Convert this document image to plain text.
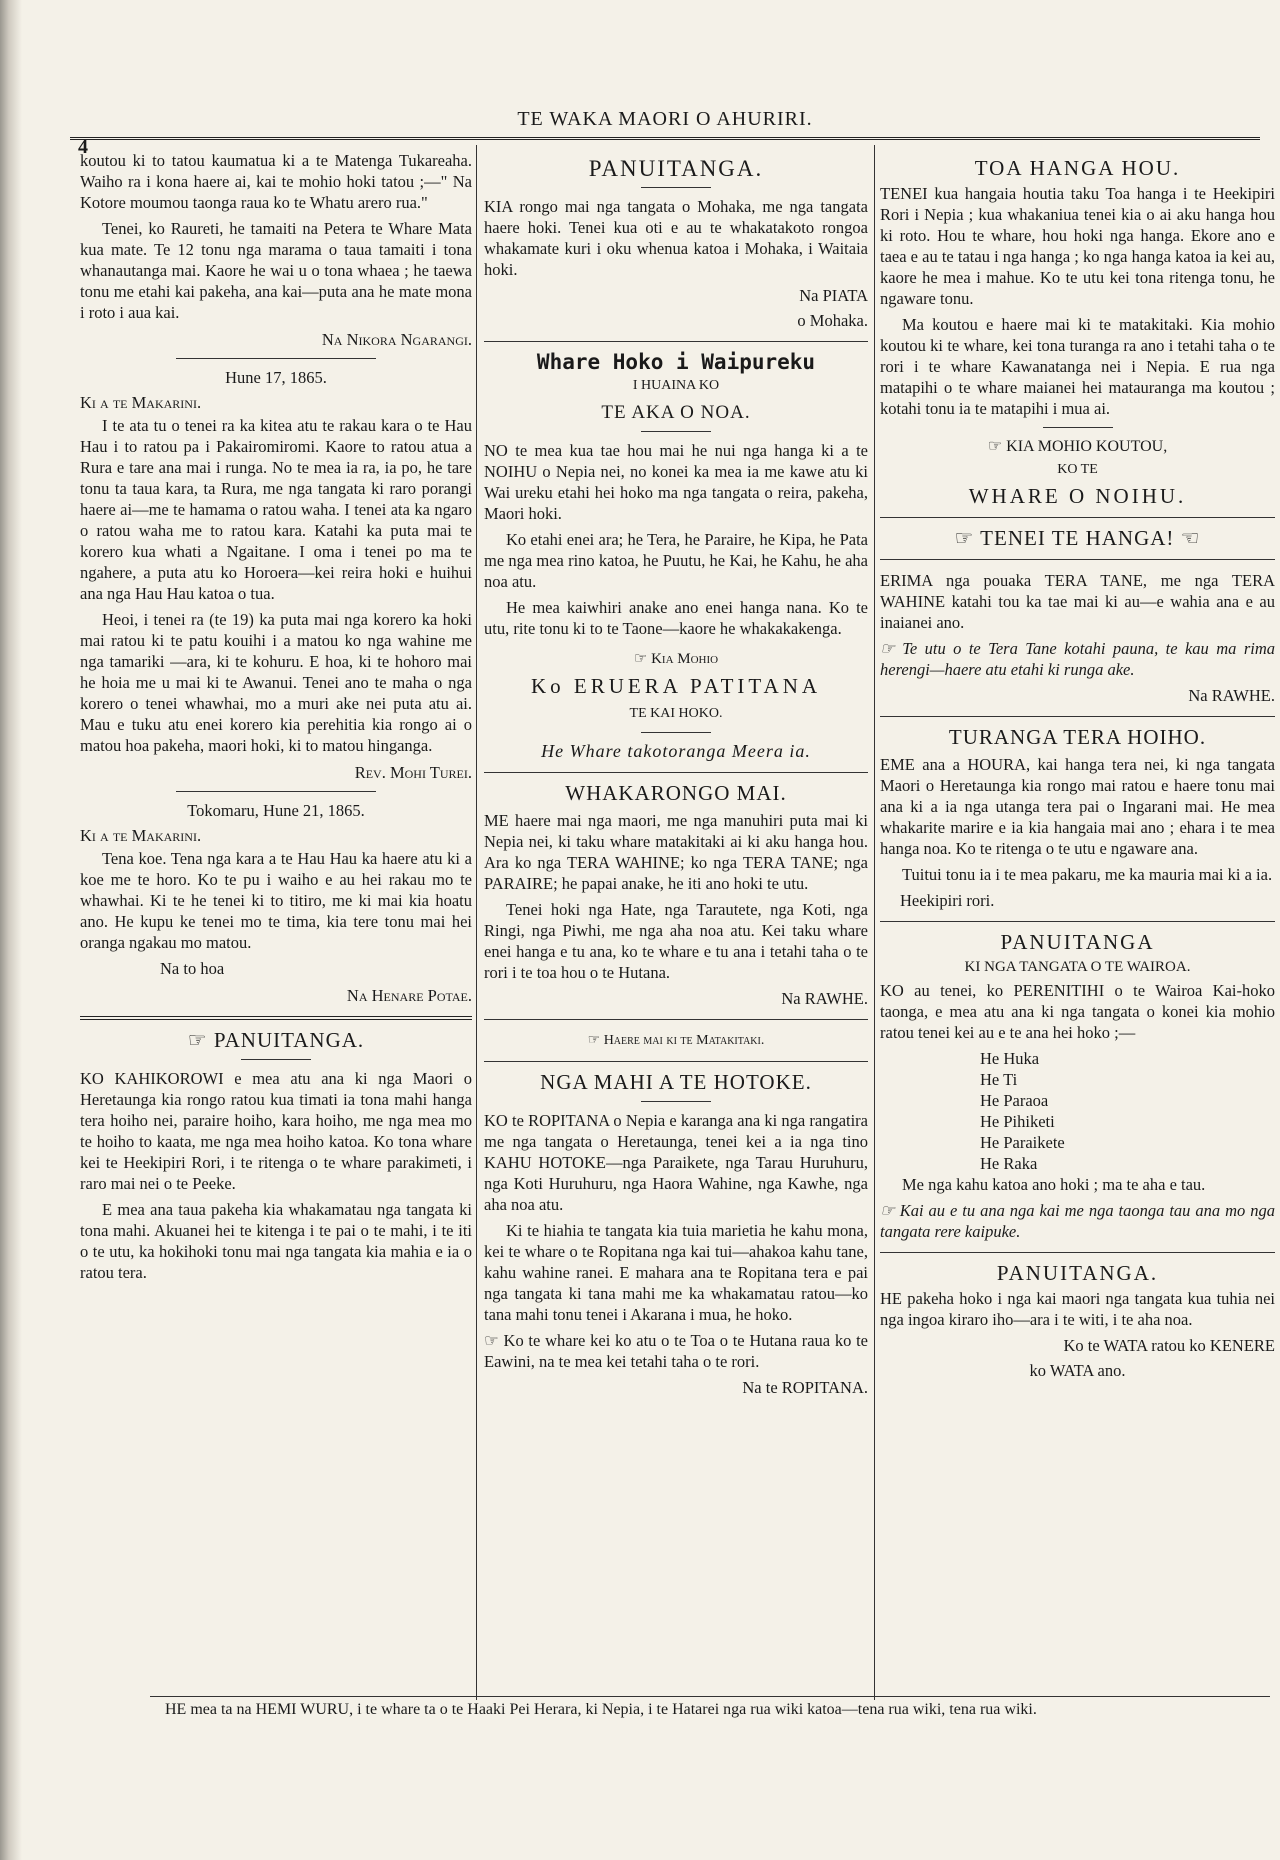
4
TE WAKA MAORI O AHURIRI.

koutou ki to tatou kaumatua ki a te Matenga Tukareaha. Waiho ra i kona haere ai, kai te mohio hoki tatou ;—" Na Kotore moumou taonga raua ko te Whatu arero rua."

Tenei, ko Raureti, he tamaiti na Petera te Whare Mata kua mate. Te 12 tonu nga marama o taua tamaiti i tona whanautanga mai. Kaore he wai u o tona whaea ; he taewa tonu me etahi kai pakeha, ana kai—puta ana he mate mona i roto i aua kai.

Na Nikora Ngarangi.
Hune 17, 1865.
Ki a te Makarini.

I te ata tu o tenei ra ka kitea atu te rakau kara o te Hau Hau i to ratou pa i Pakairomiromi. Kaore to ratou atua a Rura e tare ana mai i runga. No te mea ia ra, ia po, he tare tonu ta taua kara, ta Rura, me nga tangata ki raro porangi haere ai—me te hamama o ratou waha. I tenei ata ka ngaro o ratou waha me to ratou kara. Katahi ka puta mai te korero kua whati a Ngaitane. I oma i tenei po ma te ngahere, a puta atu ko Horoera—kei reira hoki e huihui ana nga Hau Hau katoa o tua.

Heoi, i tenei ra (te 19) ka puta mai nga korero ka hoki mai ratou ki te patu kouihi i a matou ko nga wahine me nga tamariki —ara, ki te kohuru. E hoa, ki te hohoro mai he hoia me u mai ki te Awanui. Tenei ano te maha o nga korero o tenei whawhai, mo a muri ake nei puta atu ai. Mau e tuku atu enei korero kia perehitia kia rongo ai o matou hoa pakeha, maori hoki, ki to matou hinganga.

Rev. Mohi Turei.
Tokomaru, Hune 21, 1865.
Ki a te Makarini.

Tena koe. Tena nga kara a te Hau Hau ka haere atu ki a koe me te horo. Ko te pu i waiho e au hei rakau mo te whawhai. Ki te he tenei ki to titiro, me ki mai kia hoatu ano. He kupu ke tenei mo te tima, kia tere tonu mai hei oranga ngakau mo matou.

Na to hoa
Na Henare Potae.
☞ PANUITANGA.

KO KAHIKOROWI e mea atu ana ki nga Maori o Heretaunga kia rongo ratou kua timati ia tona mahi hanga tera hoiho nei, paraire hoiho, kara hoiho, me nga mea mo te hoiho to kaata, me nga mea hoiho katoa. Ko tona whare kei te Heekipiri Rori, i te ritenga o te whare parakimeti, i raro mai nei o te Peeke.

E mea ana taua pakeha kia whakamatau nga tangata ki tona mahi. Akuanei hei te kitenga i te pai o te mahi, i te iti o te utu, ka hokihoki tonu mai nga tangata kia mahia e ia o ratou tera.

PANUITANGA.

KIA rongo mai nga tangata o Mohaka, me nga tangata haere hoki. Tenei kua oti e au te whakatakoto rongoa whakamate kuri i oku whenua katoa i Mohaka, i Waitaia hoki.

Na PIATA
o Mohaka.
Whare Hoko i Waipureku
I HUAINA KO
TE AKA O NOA.

NO te mea kua tae hou mai he nui nga hanga ki a te NOIHU o Nepia nei, no konei ka mea ia me kawe atu ki Wai ureku etahi hei hoko ma nga tangata o reira, pakeha, Maori hoki.

Ko etahi enei ara; he Tera, he Paraire, he Kipa, he Pata me nga mea rino katoa, he Puutu, he Kai, he Kahu, he aha noa atu.

He mea kaiwhiri anake ano enei hanga nana. Ko te utu, rite tonu ki to te Taone—kaore he whakakakenga.

☞ Kia Mohio
Ko ERUERA PATITANA
TE KAI HOKO.
He Whare takotoranga Meera ia.
WHAKARONGO MAI.

ME haere mai nga maori, me nga manuhiri puta mai ki Nepia nei, ki taku whare matakitaki ai ki aku hanga hou. Ara ko nga TERA WAHINE; ko nga TERA TANE; nga PARAIRE; he papai anake, he iti ano hoki te utu.

Tenei hoki nga Hate, nga Tarautete, nga Koti, nga Ringi, nga Piwhi, me nga aha noa atu. Kei taku whare enei hanga e tu ana, ko te whare e tu ana i tetahi taha o te rori i te toa hou o te Hutana.

Na RAWHE.
☞ Haere mai ki te Matakitaki.
NGA MAHI A TE HOTOKE.

KO te ROPITANA o Nepia e karanga ana ki nga rangatira me nga tangata o Heretaunga, tenei kei a ia nga tino KAHU HOTOKE—nga Paraikete, nga Tarau Huruhuru, nga Koti Huruhuru, nga Haora Wahine, nga Kawhe, nga aha noa atu.

Ki te hiahia te tangata kia tuia marietia he kahu mona, kei te whare o te Ropitana nga kai tui—ahakoa kahu tane, kahu wahine ranei. E mahara ana te Ropitana tera e pai nga tangata ki tana mahi me ka whakamatau ratou—ko tana mahi tonu tenei i Akarana i mua, he hoko.

☞ Ko te whare kei ko atu o te Toa o te Hutana raua ko te Eawini, na te mea kei tetahi taha o te rori.

Na te ROPITANA.
TOA HANGA HOU.

TENEI kua hangaia houtia taku Toa hanga i te Heekipiri Rori i Nepia ; kua whakaniua tenei kia o ai aku hanga hou ki roto. Hou te whare, hou hoki nga hanga. Ekore ano e taea e au te tatau i nga hanga ; ko nga hanga katoa ia kei au, kaore he mea i mahue. Ko te utu kei tona ritenga tonu, he ngaware tonu.

Ma koutou e haere mai ki te matakitaki. Kia mohio koutou ki te whare, kei tona turanga ra ano i tetahi taha o te rori i te whare Kawanatanga nei i Nepia. E rua nga matapihi o te whare maianei hei matauranga ma koutou ; kotahi tonu ia te matapihi i mua ai.

☞ KIA MOHIO KOUTOU,
KO TE
WHARE O NOIHU.
☞ TENEI TE HANGA! ☜

ERIMA nga pouaka TERA TANE, me nga TERA WAHINE katahi tou ka tae mai ki au—e wahia ana e au inaianei ano.

☞ Te utu o te Tera Tane kotahi pauna, te kau ma rima herengi—haere atu etahi ki runga ake.

Na RAWHE.
TURANGA TERA HOIHO.

EME ana a HOURA, kai hanga tera nei, ki nga tangata Maori o Heretaunga kia rongo mai ratou e haere tonu mai ana ki a ia nga utanga tera pai o Ingarani mai. He mea whakarite marire e ia kia hangaia mai ano ; ehara i te mea hanga noa. Ko te ritenga o te utu e ngaware ana.

Tuitui tonu ia i te mea pakaru, me ka mauria mai ki a ia.

Heekipiri rori.
PANUITANGA
KI NGA TANGATA O TE WAIROA.

KO au tenei, ko PERENITIHI o te Wairoa Kai-hoko taonga, e mea atu ana ki nga tangata o konei kia mohio ratou tenei kei au e te ana hei hoko ;—

He Huka
He Ti
He Paraoa
He Pihiketi
He Paraikete
He Raka

Me nga kahu katoa ano hoki ; ma te aha e tau.

☞ Kai au e tu ana nga kai me nga taonga tau ana mo nga tangata rere kaipuke.

PANUITANGA.

HE pakeha hoko i nga kai maori nga tangata kua tuhia nei nga ingoa kiraro iho—ara i te witi, i te aha noa.

Ko te WATA ratou ko KENERE
ko WATA ano.
HE mea ta na HEMI WURU, i te whare ta o te Haaki Pei Herara, ki Nepia, i te Hatarei nga rua wiki katoa—tena rua wiki, tena rua wiki.
